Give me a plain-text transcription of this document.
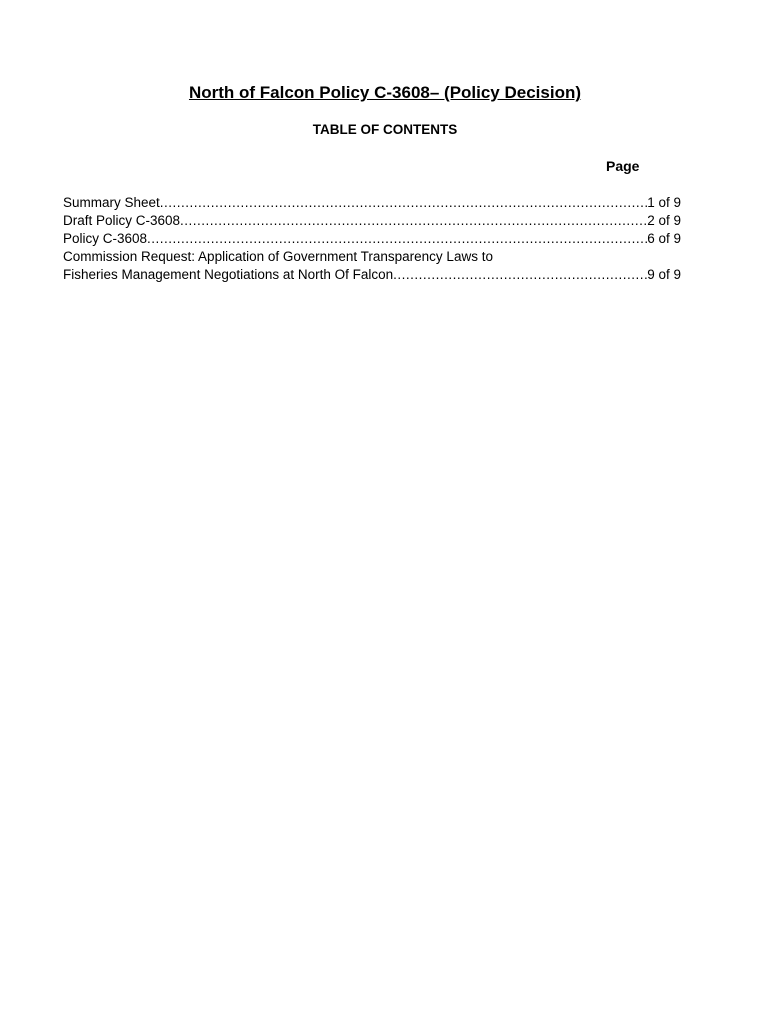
North of Falcon Policy C-3608– (Policy Decision)
TABLE OF CONTENTS
Page
Summary Sheet .....	1 of 9
Draft Policy C-3608 .....	2 of 9
Policy C-3608 .....	6 of 9
Commission Request: Application of Government Transparency Laws to
Fisheries Management Negotiations at North Of Falcon .....	9 of 9
